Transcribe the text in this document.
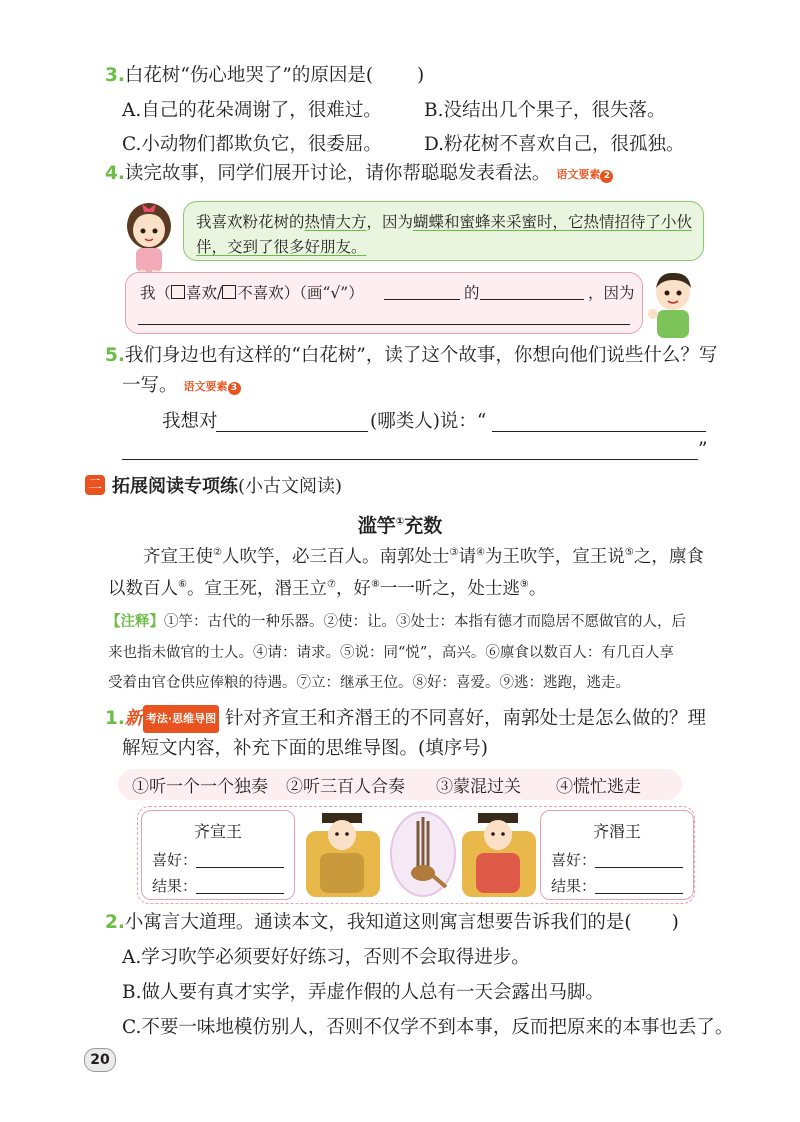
3.白花树“伤心地哭了”的原因是( )
A.自己的花朵凋谢了，很难过。 B.没结出几个果子，很失落。
C.小动物们都欺负它，很委屈。 D.粉花树不喜欢自己，很孤独。
4.读完故事，同学们展开讨论，请你帮聪聪发表看法。 语文要素 2
我喜欢粉花树的热情大方，因为蝴蝶和蜜蜂来采蜜时，它热情招待了小伙
伴，交到了很多好朋友。
我（ 喜欢/ 不喜欢）（画“√”）	的	，因为
5.我们身边也有这样的“白花树”，读了这个故事，你想向他们说些什么？写
一写。 语文要素 3
我想对	(哪类人)说：“
”
二 拓展阅读专项练(小古文阅读)
滥竽①充数
齐宣王使②人吹竽，必三百人。南郭处士③请④为王吹竽，宣王说⑤之，廪食
以数百人⑥。宣王死，湣王立⑦，好⑧一一听之，处士逃⑨。
【注释】①竽：古代的一种乐器。②使：让。③处士：本指有德才而隐居不愿做官的人，后
来也指未做官的士人。④请：请求。⑤说：同“悦”，高兴。⑥廪食以数百人：有几百人享
受着由官仓供应俸粮的待遇。⑦立：继承王位。⑧好：喜爱。⑨逃：逃跑，逃走。
1.新 考法·思维导图 针对齐宣王和齐湣王的不同喜好，南郭处士是怎么做的？理
解短文内容，补充下面的思维导图。(填序号)
①听一个一个独奏 ②听三百人合奏 ③蒙混过关 ④慌忙逃走
齐宣王
喜好：
结果：
齐湣王
喜好：
结果：
2.小寓言大道理。通读本文，我知道这则寓言想要告诉我们的是( )
A.学习吹竽必须要好好练习，否则不会取得进步。
B.做人要有真才实学，弄虚作假的人总有一天会露出马脚。
C.不要一味地模仿别人，否则不仅学不到本事，反而把原来的本事也丢了。
20
